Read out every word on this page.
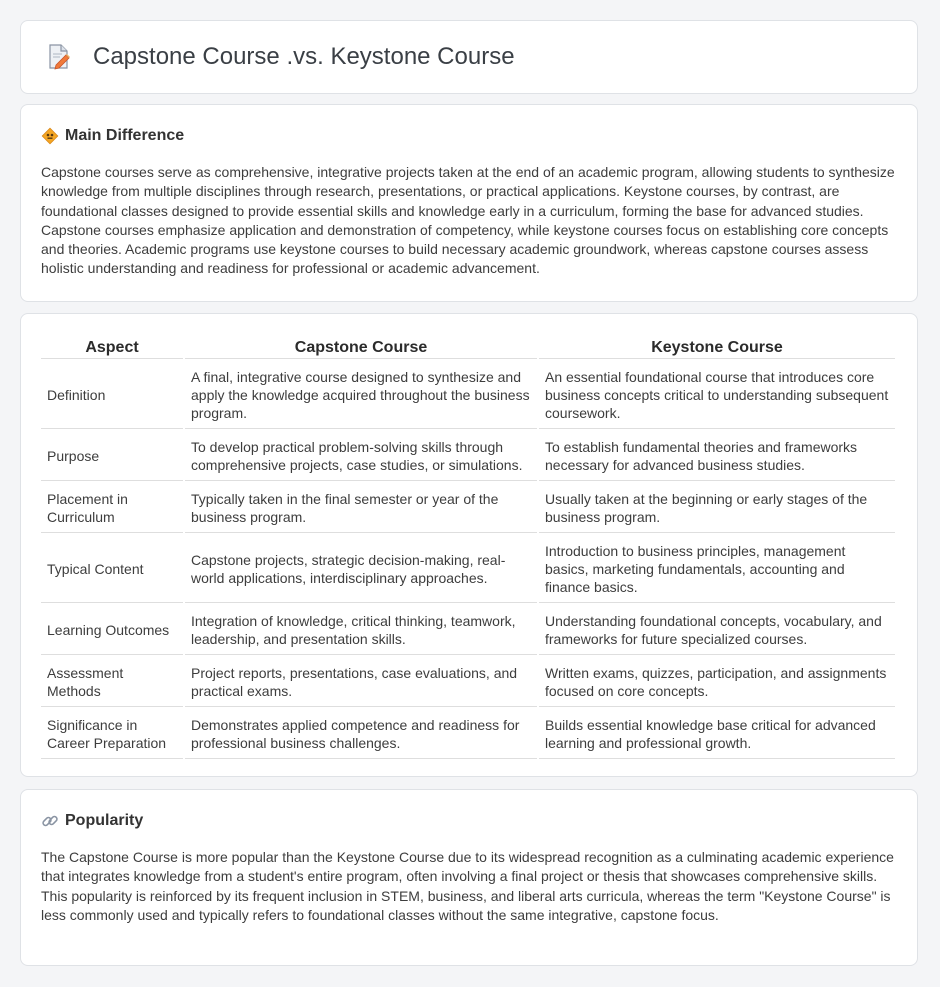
Capstone Course .vs. Keystone Course
Main Difference

Capstone courses serve as comprehensive, integrative projects taken at the end of an academic program, allowing students to synthesize knowledge from multiple disciplines through research, presentations, or practical applications. Keystone courses, by contrast, are foundational classes designed to provide essential skills and knowledge early in a curriculum, forming the base for advanced studies. Capstone courses emphasize application and demonstration of competency, while keystone courses focus on establishing core concepts and theories. Academic programs use keystone courses to build necessary academic groundwork, whereas capstone courses assess holistic understanding and readiness for professional or academic advancement.

Aspect	Capstone Course	Keystone Course
Definition	A final, integrative course designed to synthesize and apply the knowledge acquired throughout the business program.	An essential foundational course that introduces core business concepts critical to understanding subsequent coursework.
Purpose	To develop practical problem-solving skills through comprehensive projects, case studies, or simulations.	To establish fundamental theories and frameworks necessary for advanced business studies.
Placement in Curriculum	Typically taken in the final semester or year of the business program.	Usually taken at the beginning or early stages of the business program.
Typical Content	Capstone projects, strategic decision-making, real-world applications, interdisciplinary approaches.	Introduction to business principles, management basics, marketing fundamentals, accounting and finance basics.
Learning Outcomes	Integration of knowledge, critical thinking, teamwork, leadership, and presentation skills.	Understanding foundational concepts, vocabulary, and frameworks for future specialized courses.
Assessment Methods	Project reports, presentations, case evaluations, and practical exams.	Written exams, quizzes, participation, and assignments focused on core concepts.
Significance in Career Preparation	Demonstrates applied competence and readiness for professional business challenges.	Builds essential knowledge base critical for advanced learning and professional growth.
Popularity

The Capstone Course is more popular than the Keystone Course due to its widespread recognition as a culminating academic experience that integrates knowledge from a student's entire program, often involving a final project or thesis that showcases comprehensive skills. This popularity is reinforced by its frequent inclusion in STEM, business, and liberal arts curricula, whereas the term "Keystone Course" is less commonly used and typically refers to foundational classes without the same integrative, capstone focus.
